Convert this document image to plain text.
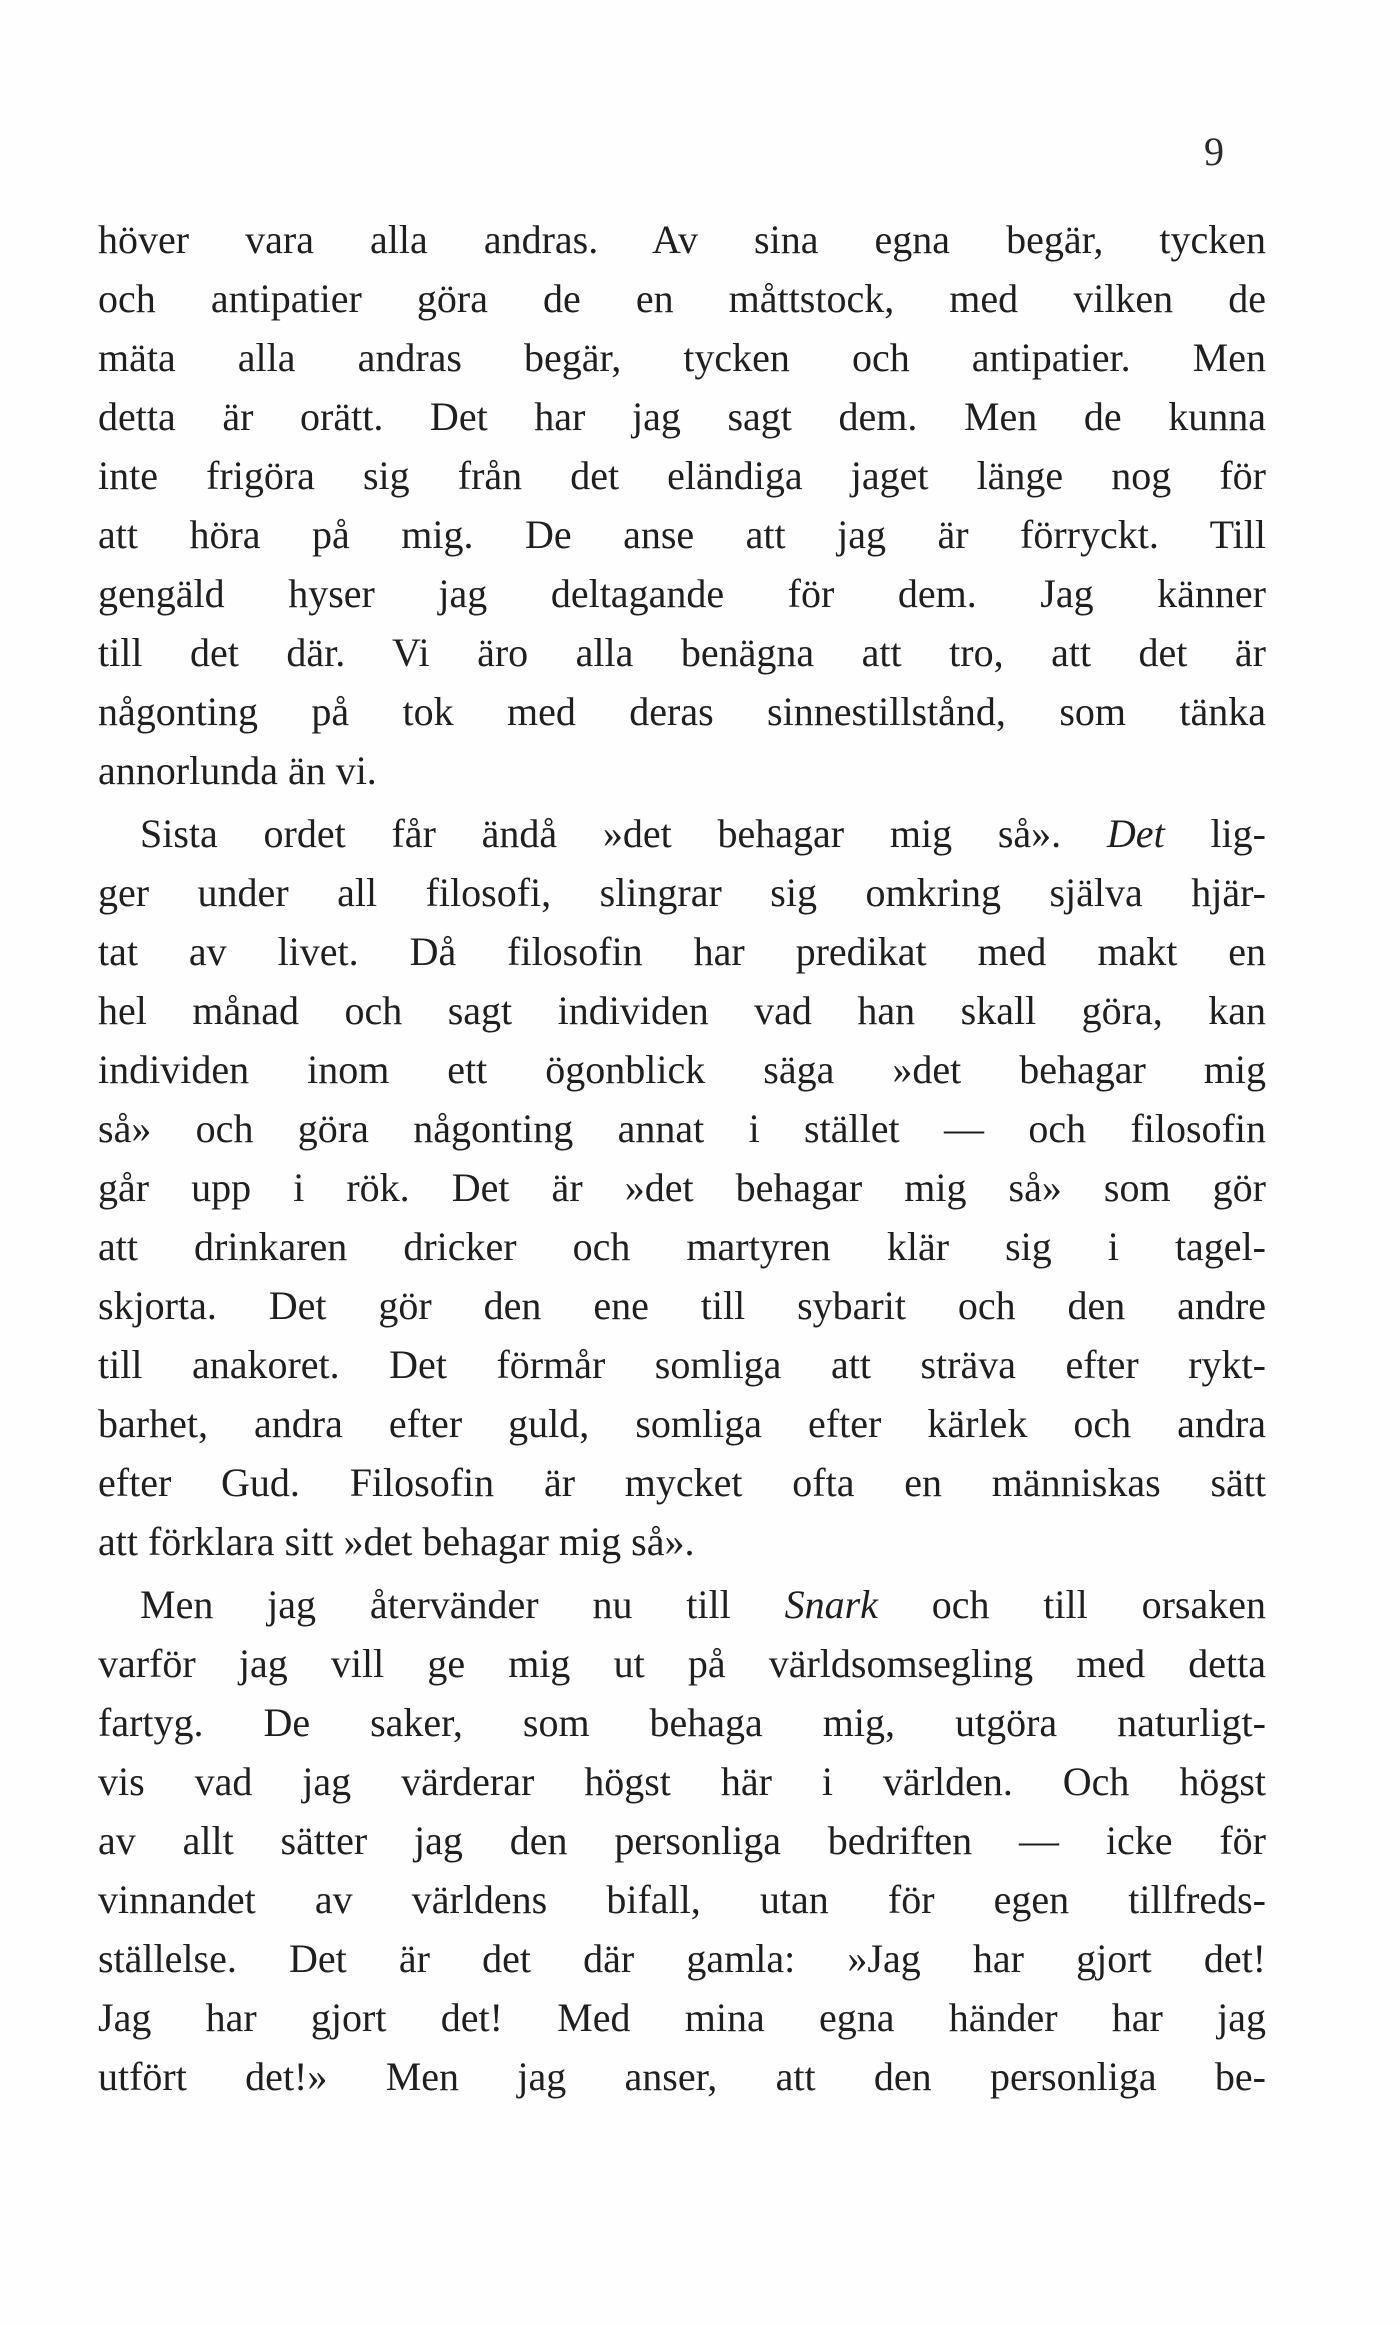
9
höver vara alla andras. Av sina egna begär, tycken
och antipatier göra de en måttstock, med vilken de
mäta alla andras begär, tycken och antipatier. Men
detta är orätt. Det har jag sagt dem. Men de kunna
inte frigöra sig från det eländiga jaget länge nog för
att höra på mig. De anse att jag är förryckt. Till
gengäld hyser jag deltagande för dem. Jag känner
till det där. Vi äro alla benägna att tro, att det är
någonting på tok med deras sinnestillstånd, som tänka
annorlunda än vi.
Sista ordet får ändå »det behagar mig så». Det lig-
ger under all filosofi, slingrar sig omkring själva hjär-
tat av livet. Då filosofin har predikat med makt en
hel månad och sagt individen vad han skall göra, kan
individen inom ett ögonblick säga »det behagar mig
så» och göra någonting annat i stället — och filosofin
går upp i rök. Det är »det behagar mig så» som gör
att drinkaren dricker och martyren klär sig i tagel-
skjorta. Det gör den ene till sybarit och den andre
till anakoret. Det förmår somliga att sträva efter rykt-
barhet, andra efter guld, somliga efter kärlek och andra
efter Gud. Filosofin är mycket ofta en människas sätt
att förklara sitt »det behagar mig så».
Men jag återvänder nu till Snark och till orsaken
varför jag vill ge mig ut på världsomsegling med detta
fartyg. De saker, som behaga mig, utgöra naturligt-
vis vad jag värderar högst här i världen. Och högst
av allt sätter jag den personliga bedriften — icke för
vinnandet av världens bifall, utan för egen tillfreds-
ställelse. Det är det där gamla: »Jag har gjort det!
Jag har gjort det! Med mina egna händer har jag
utfört det!» Men jag anser, att den personliga be-
